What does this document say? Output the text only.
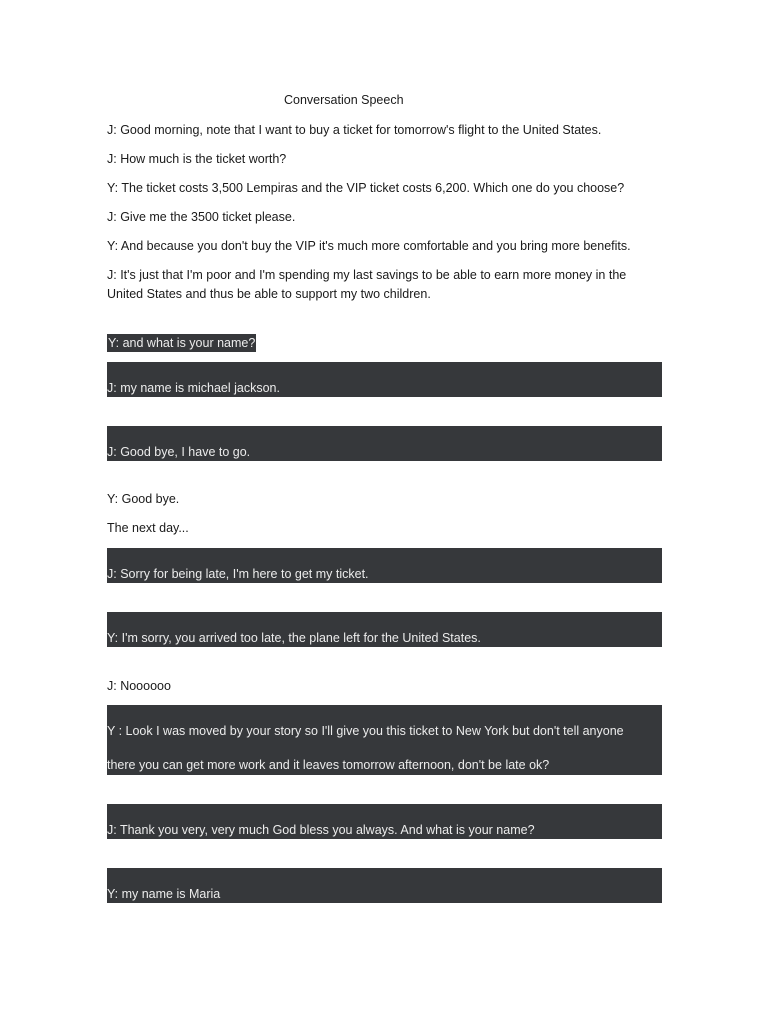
Conversation Speech
J: Good morning, note that I want to buy a ticket for tomorrow's flight to the United States.
J: How much is the ticket worth?
Y: The ticket costs 3,500 Lempiras and the VIP ticket costs 6,200. Which one do you choose?
J: Give me the 3500 ticket please.
Y: And because you don't buy the VIP it's much more comfortable and you bring more benefits.
J: It's just that I'm poor and I'm spending my last savings to be able to earn more money in the United States and thus be able to support my two children.
Y: and what is your name?
J: my name is michael jackson.
J: Good bye, I have to go.
Y: Good bye.
The next day...
J: Sorry for being late, I'm here to get my ticket.
Y: I'm sorry, you arrived too late, the plane left for the United States.
J: Noooooo
Y : Look I was moved by your story so I'll give you this ticket to New York but don't tell anyone
there you can get more work and it leaves tomorrow afternoon, don't be late ok?
J: Thank you very, very much God bless you always. And what is your name?
Y: my name is Maria
